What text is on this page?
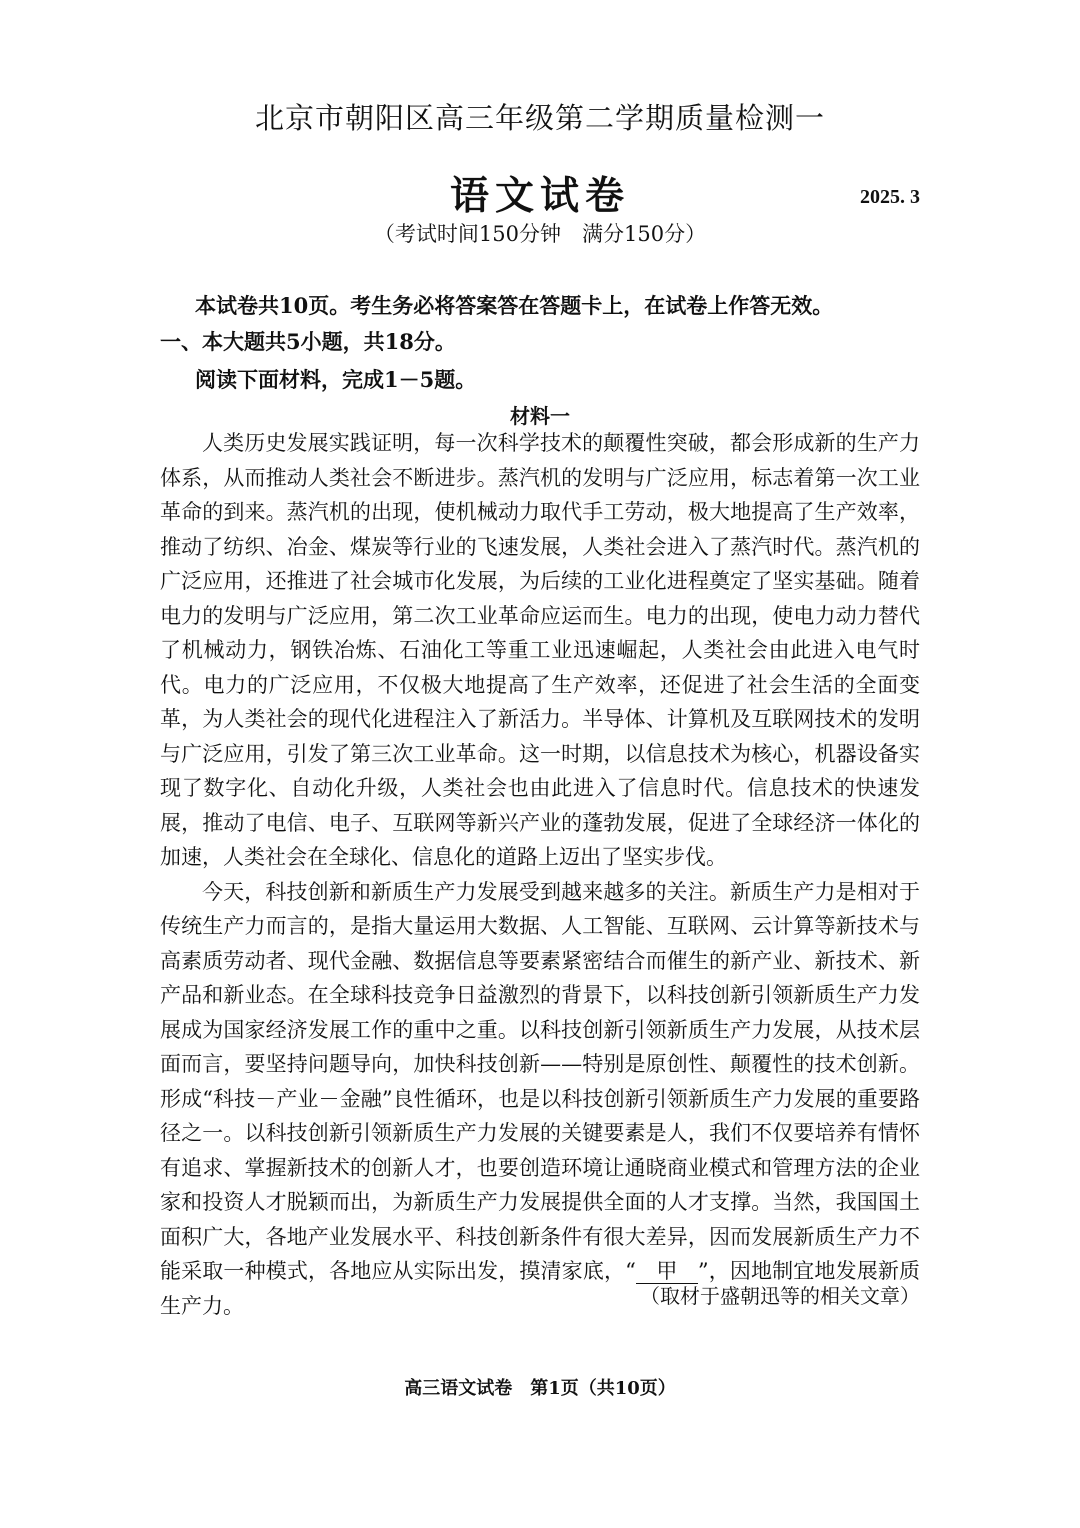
北京市朝阳区高三年级第二学期质量检测一
语文试卷	2025. 3
（考试时间150分钟　满分150分）
本试卷共10页。考生务必将答案答在答题卡上，在试卷上作答无效。
一、本大题共5小题，共18分。
阅读下面材料，完成1－5题。
材料一

人类历史发展实践证明，每一次科学技术的颠覆性突破，都会形成新的生产力体系，从而推动人类社会不断进步。蒸汽机的发明与广泛应用，标志着第一次工业革命的到来。蒸汽机的出现，使机械动力取代手工劳动，极大地提高了生产效率，推动了纺织、冶金、煤炭等行业的飞速发展，人类社会进入了蒸汽时代。蒸汽机的广泛应用，还推进了社会城市化发展，为后续的工业化进程奠定了坚实基础。随着电力的发明与广泛应用，第二次工业革命应运而生。电力的出现，使电力动力替代了机械动力，钢铁冶炼、石油化工等重工业迅速崛起，人类社会由此进入电气时代。电力的广泛应用，不仅极大地提高了生产效率，还促进了社会生活的全面变革，为人类社会的现代化进程注入了新活力。半导体、计算机及互联网技术的发明与广泛应用，引发了第三次工业革命。这一时期，以信息技术为核心，机器设备实现了数字化、自动化升级，人类社会也由此进入了信息时代。信息技术的快速发展，推动了电信、电子、互联网等新兴产业的蓬勃发展，促进了全球经济一体化的加速，人类社会在全球化、信息化的道路上迈出了坚实步伐。

今天，科技创新和新质生产力发展受到越来越多的关注。新质生产力是相对于传统生产力而言的，是指大量运用大数据、人工智能、互联网、云计算等新技术与高素质劳动者、现代金融、数据信息等要素紧密结合而催生的新产业、新技术、新产品和新业态。在全球科技竞争日益激烈的背景下，以科技创新引领新质生产力发展成为国家经济发展工作的重中之重。以科技创新引领新质生产力发展，从技术层面而言，要坚持问题导向，加快科技创新——特别是原创性、颠覆性的技术创新。形成“科技－产业－金融”良性循环，也是以科技创新引领新质生产力发展的重要路径之一。以科技创新引领新质生产力发展的关键要素是人，我们不仅要培养有情怀有追求、掌握新技术的创新人才，也要创造环境让通晓商业模式和管理方法的企业家和投资人才脱颖而出，为新质生产力发展提供全面的人才支撑。当然，我国国土面积广大，各地产业发展水平、科技创新条件有很大差异，因而发展新质生产力不能采取一种模式，各地应从实际出发，摸清家底，“ 甲 ”，因地制宜地发展新质生产力。	（取材于盛朝迅等的相关文章）
高三语文试卷　第1页（共10页）
